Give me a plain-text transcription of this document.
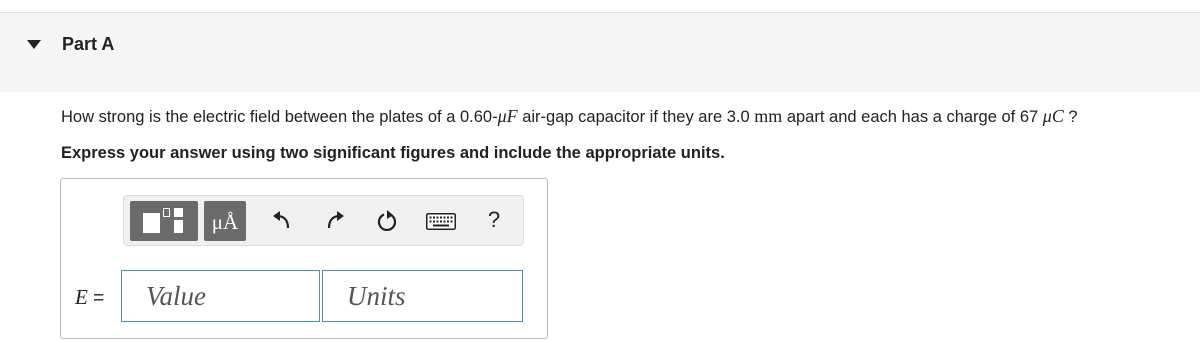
Part A
How strong is the electric field between the plates of a 0.60-μF air-gap capacitor if they are 3.0 mm apart and each has a charge of 67 μC ?
Express your answer using two significant figures and include the appropriate units.
μÅ	?
E =
Value
Units
